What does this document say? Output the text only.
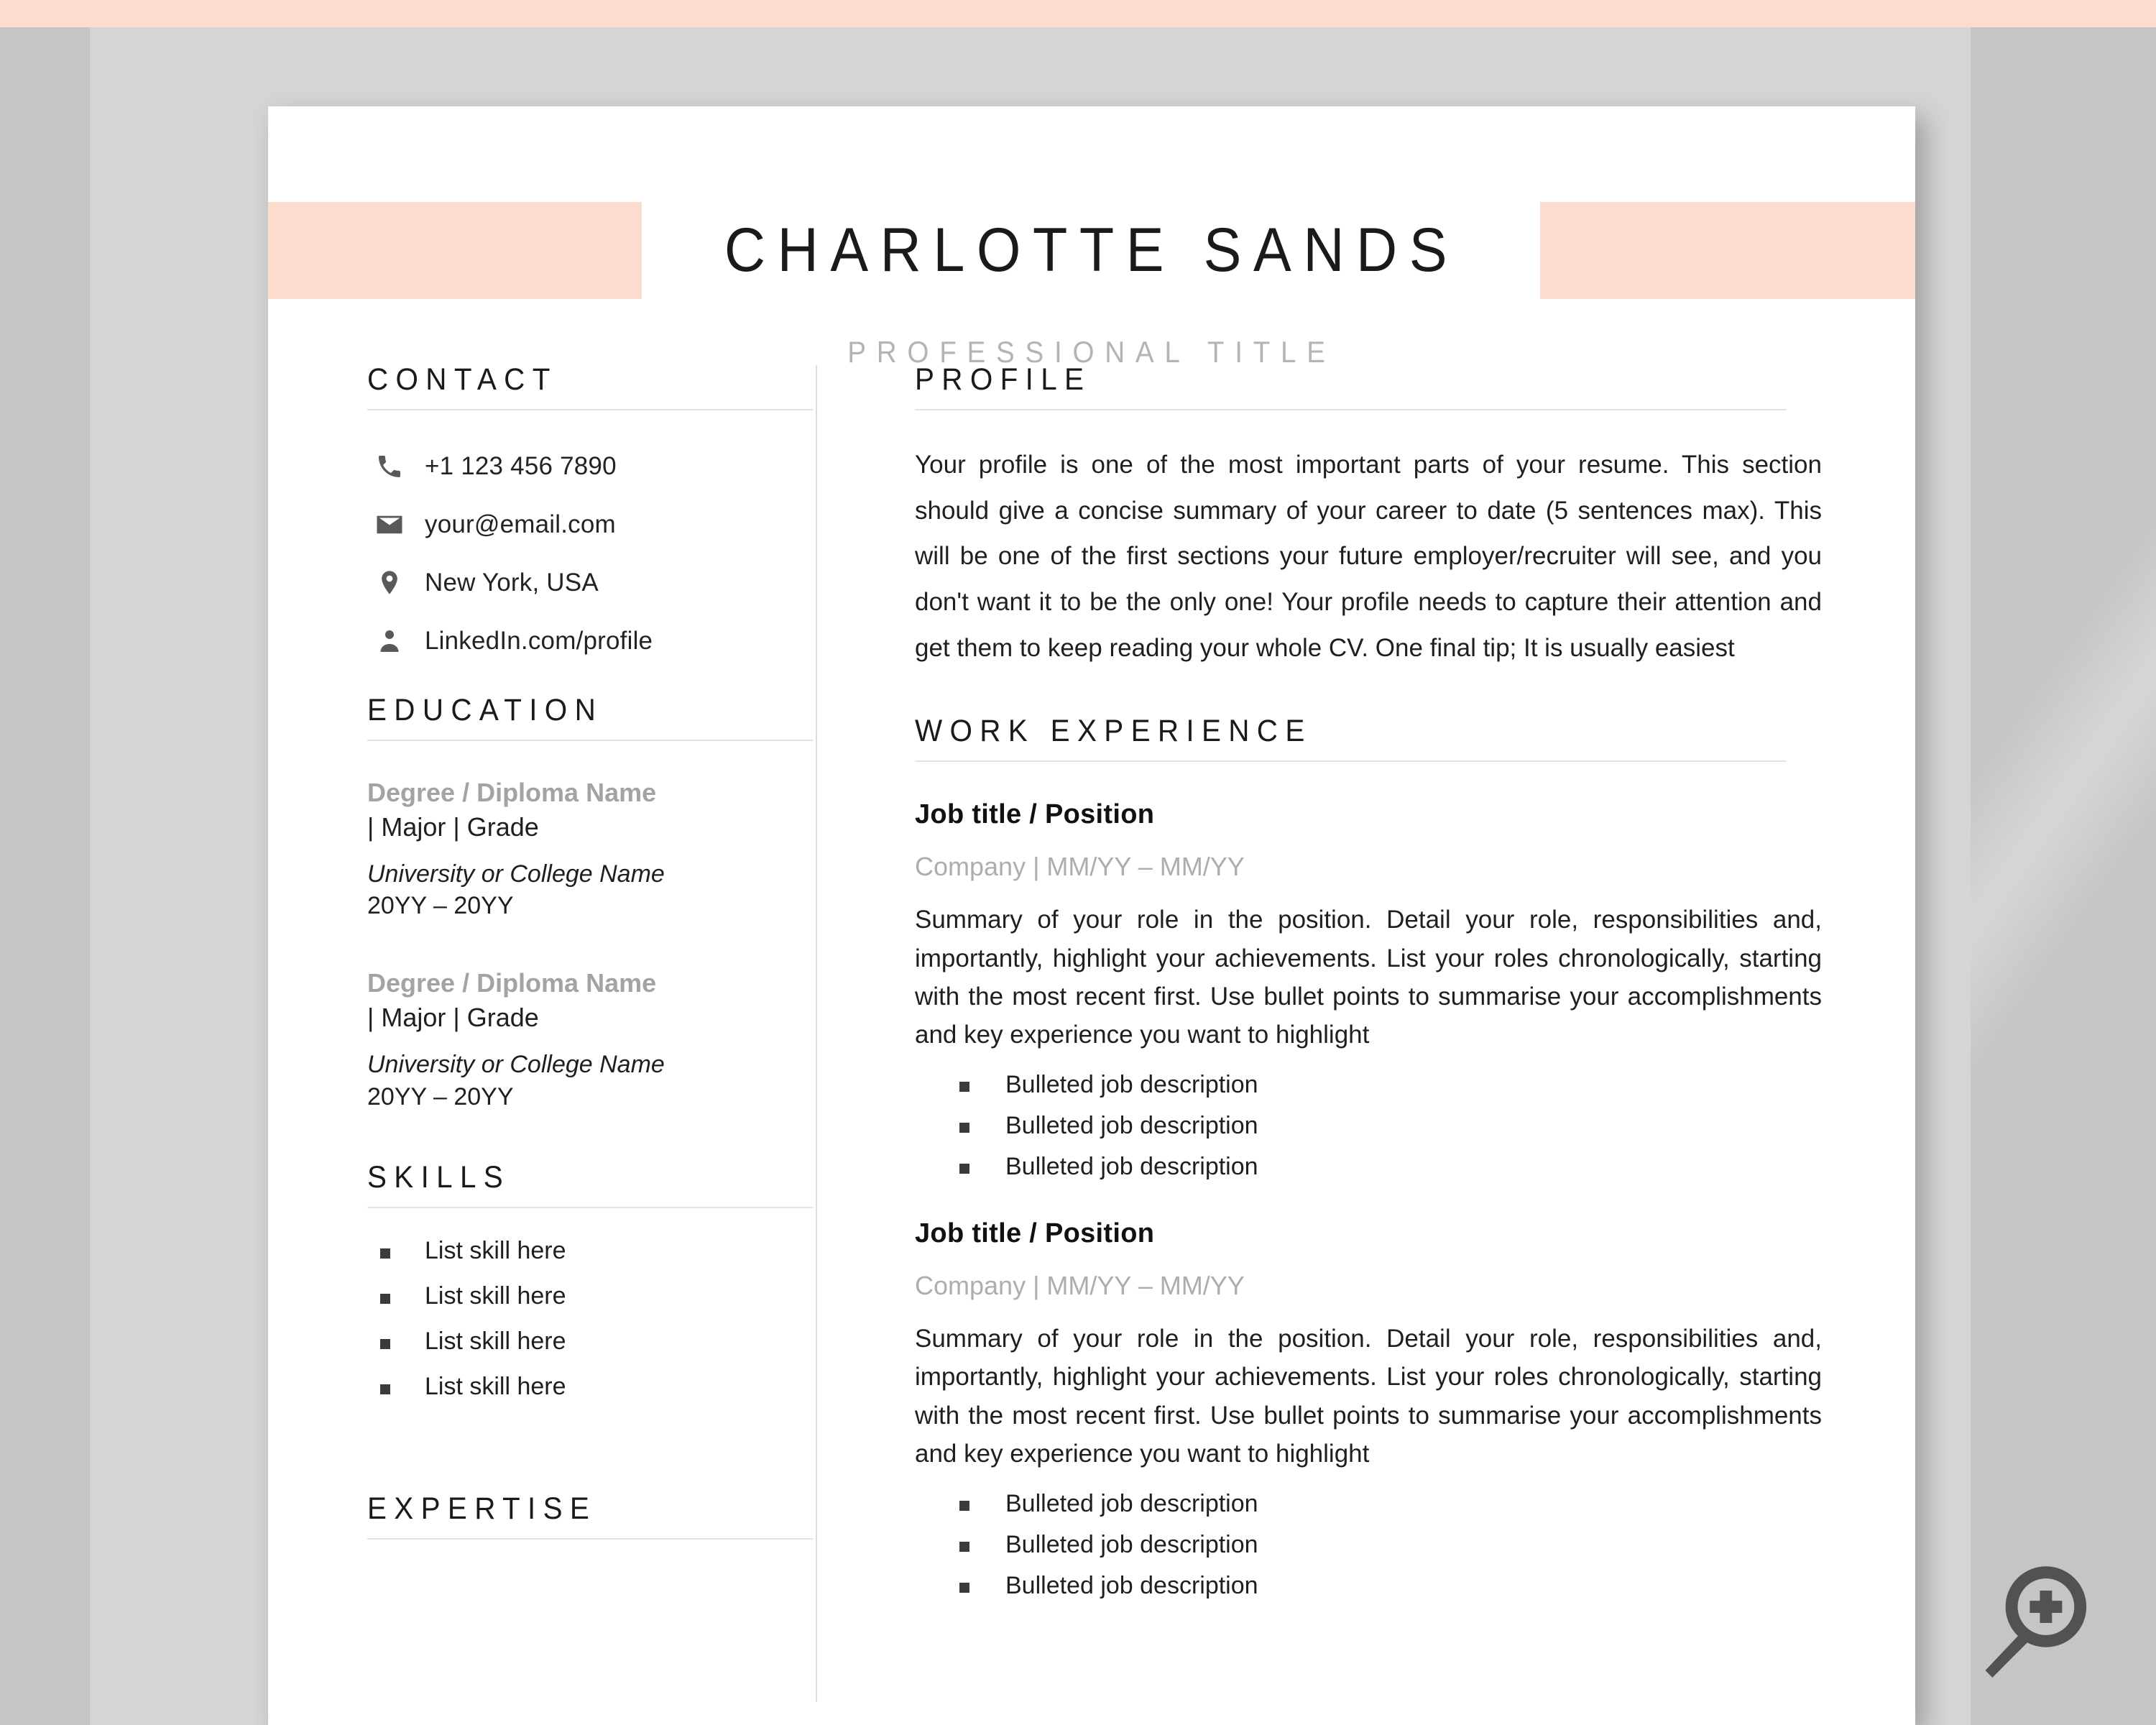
CHARLOTTE SANDS
PROFESSIONAL TITLE
CONTACT
+1 123 456 7890
your@email.com
New York, USA
LinkedIn.com/profile
EDUCATION
Degree / Diploma Name
| Major | Grade
University or College Name
20YY – 20YY
Degree / Diploma Name
| Major | Grade
University or College Name
20YY – 20YY
SKILLS
List skill here
List skill here
List skill here
List skill here
EXPERTISE
PROFILE

Your profile is one of the most important parts of your resume. This section should give a concise summary of your career to date (5 sentences max). This will be one of the first sections your future employer/recruiter will see, and you don't want it to be the only one! Your profile needs to capture their attention and get them to keep reading your whole CV. One final tip; It is usually easiest

WORK EXPERIENCE
Job title / Position
Company | MM/YY – MM/YY

Summary of your role in the position. Detail your role, responsibilities and, importantly, highlight your achievements. List your roles chronologically, starting with the most recent first. Use bullet points to summarise your accomplishments and key experience you want to highlight

Bulleted job description
Bulleted job description
Bulleted job description
Job title / Position
Company | MM/YY – MM/YY

Summary of your role in the position. Detail your role, responsibilities and, importantly, highlight your achievements. List your roles chronologically, starting with the most recent first. Use bullet points to summarise your accomplishments and key experience you want to highlight

Bulleted job description
Bulleted job description
Bulleted job description
